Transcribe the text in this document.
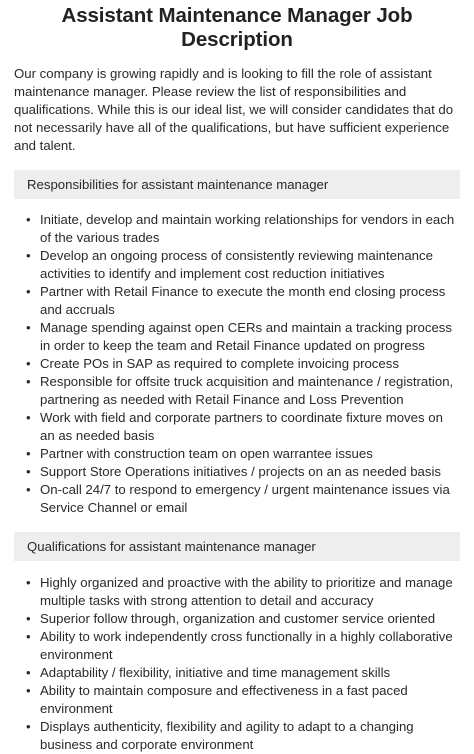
Assistant Maintenance Manager Job Description

Our company is growing rapidly and is looking to fill the role of assistant maintenance manager. Please review the list of responsibilities and qualifications. While this is our ideal list, we will consider candidates that do not necessarily have all of the qualifications, but have sufficient experience and talent.

Responsibilities for assistant maintenance manager
• Initiate, develop and maintain working relationships for vendors in each of the various trades
• Develop an ongoing process of consistently reviewing maintenance activities to identify and implement cost reduction initiatives
• Partner with Retail Finance to execute the month end closing process and accruals
• Manage spending against open CERs and maintain a tracking process in order to keep the team and Retail Finance updated on progress
• Create POs in SAP as required to complete invoicing process
• Responsible for offsite truck acquisition and maintenance / registration, partnering as needed with Retail Finance and Loss Prevention
• Work with field and corporate partners to coordinate fixture moves on an as needed basis
• Partner with construction team on open warrantee issues
• Support Store Operations initiatives / projects on an as needed basis
• On-call 24/7 to respond to emergency / urgent maintenance issues via Service Channel or email
Qualifications for assistant maintenance manager
• Highly organized and proactive with the ability to prioritize and manage multiple tasks with strong attention to detail and accuracy
• Superior follow through, organization and customer service oriented
• Ability to work independently cross functionally in a highly collaborative environment
• Adaptability / flexibility, initiative and time management skills
• Ability to maintain composure and effectiveness in a fast paced environment
• Displays authenticity, flexibility and agility to adapt to a changing business and corporate environment
